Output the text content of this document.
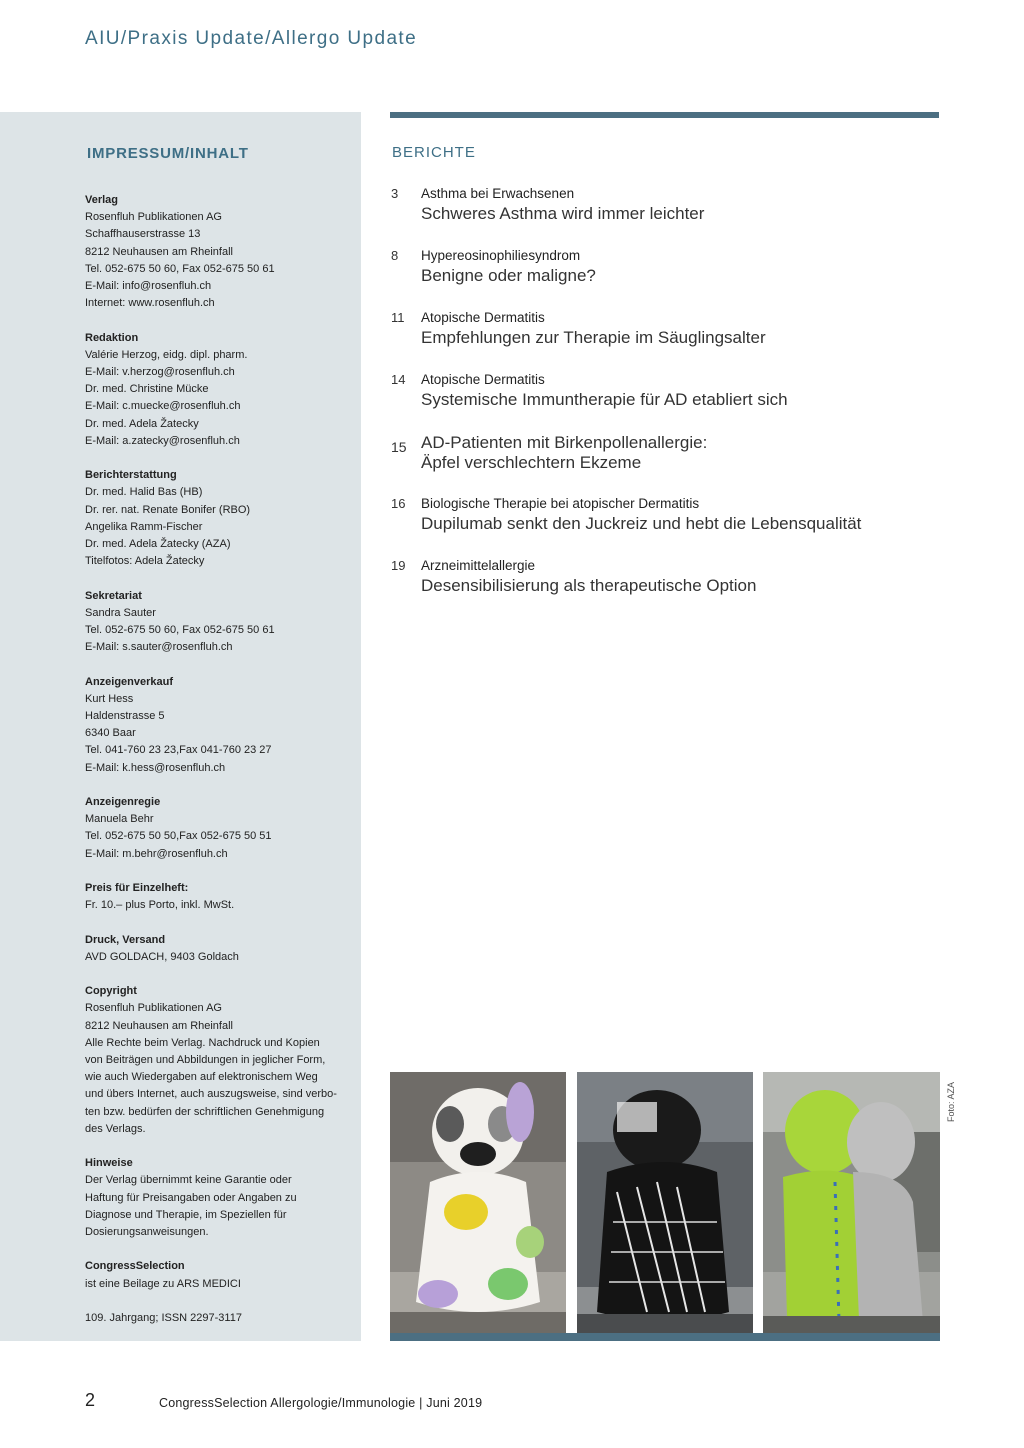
AIU/Praxis Update/Allergo Update
IMPRESSUM/INHALT
Verlag
Rosenfluh Publikationen AG
Schaffhauserstrasse 13
8212 Neuhausen am Rheinfall
Tel. 052-675 50 60, Fax 052-675 50 61
E-Mail: info@rosenfluh.ch
Internet: www.rosenfluh.ch
Redaktion
Valérie Herzog, eidg. dipl. pharm.
E-Mail: v.herzog@rosenfluh.ch
Dr. med. Christine Mücke
E-Mail: c.muecke@rosenfluh.ch
Dr. med. Adela Žatecky
E-Mail: a.zatecky@rosenfluh.ch
Berichterstattung
Dr. med. Halid Bas (HB)
Dr. rer. nat. Renate Bonifer (RBO)
Angelika Ramm-Fischer
Dr. med. Adela Žatecky (AZA)
Titelfotos: Adela Žatecky
Sekretariat
Sandra Sauter
Tel. 052-675 50 60, Fax 052-675 50 61
E-Mail: s.sauter@rosenfluh.ch
Anzeigenverkauf
Kurt Hess
Haldenstrasse 5
6340 Baar
Tel. 041-760 23 23,Fax 041-760 23 27
E-Mail: k.hess@rosenfluh.ch
Anzeigenregie
Manuela Behr
Tel. 052-675 50 50,Fax 052-675 50 51
E-Mail: m.behr@rosenfluh.ch
Preis für Einzelheft:
Fr. 10.– plus Porto, inkl. MwSt.
Druck, Versand
AVD GOLDACH, 9403 Goldach
Copyright
Rosenfluh Publikationen AG
8212 Neuhausen am Rheinfall
Alle Rechte beim Verlag. Nachdruck und Kopien
von Beiträgen und Abbildungen in jeglicher Form,
wie auch Wiedergaben auf elektronischem Weg
und übers Internet, auch auszugsweise, sind verbo-
ten bzw. bedürfen der schriftlichen Genehmigung
des Verlags.
Hinweise
Der Verlag übernimmt keine Garantie oder
Haftung für Preisangaben oder Angaben zu
Diagnose und Therapie, im Speziellen für
Dosierungsanweisungen.
CongressSelection
ist eine Beilage zu ARS MEDICI
109. Jahrgang; ISSN 2297-3117
BERICHTE
3 Asthma bei Erwachsenen
Schweres Asthma wird immer leichter
8 Hypereosinophiliesyndrom
Benigne oder maligne?
11 Atopische Dermatitis
Empfehlungen zur Therapie im Säuglingsalter
14 Atopische Dermatitis
Systemische Immuntherapie für AD etabliert sich
15 AD-Patienten mit Birkenpollenallergie:
Äpfel verschlechtern Ekzeme
16 Biologische Therapie bei atopischer Dermatitis
Dupilumab senkt den Juckreiz und hebt die Lebensqualität
19 Arzneimittelallergie
Desensibilisierung als therapeutische Option
Foto: AZA
2	CongressSelection Allergologie/Immunologie | Juni 2019
